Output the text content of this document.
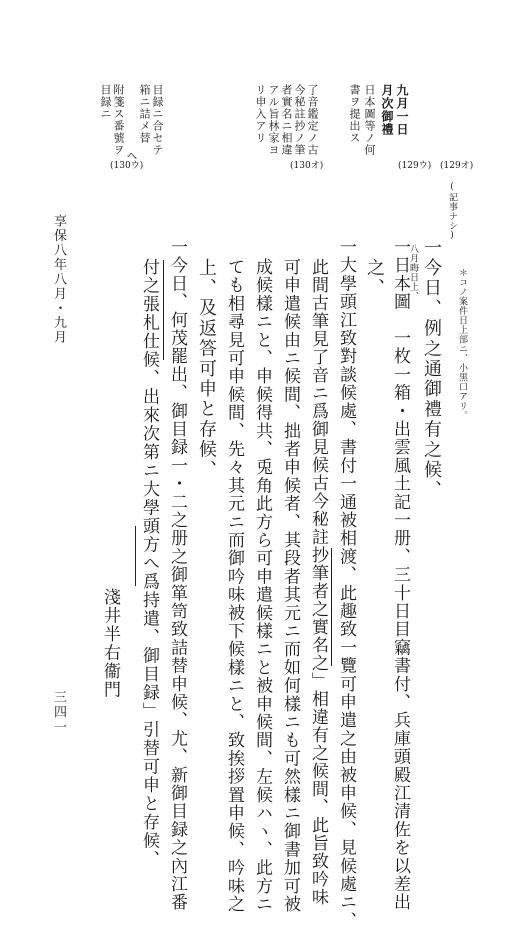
九月一日
月次御禮
日本圖等ノ何
書ヲ提出ス
了音鑑定ノ古
今秘註抄ノ筆
者實名ニ相違
アル旨林家ヨ
リ申入アリ
目録ニ合セテ
箱ニ詰メ替
ヘ
附箋ス番號ヲ
目録ニ
(130ウ)	(130オ)	(129ウ) (129オ)
(記事ナシ)
＊コノ案件日上部ニ、小黒口アリ。
一今日、例之通御禮有之候、
八月晦日上、
一日本圖　一枚一箱・出雲風土記一册、三十日目竊書付、兵庫頭殿江清佐を以差出
之、
一大學頭江致對談候處、書付一通被相渡、此趣致一覽可申遣之由被申候、見候處ニ、
此間古筆見了音ニ爲御見候古今秘註抄筆者之實名之」相違有之候間、此旨致吟味
可申遣候由ニ候間、拙者申候者、其段者其元ニ而如何樣ニも可然樣ニ御書加可被
成候樣ニと、申候得共、兎角此方ら可申遣候樣ニと被申候間、左候ハヽ、此方ニ
ても相尋見可申候間、先々其元ニ而御吟味被下候樣ニと、致挨拶置申候、吟味之
上、及返答可申と存候、
一今日、何茂罷出、御目録一・二之册之御箪笥致詰替申候、尤、新御目録之內江番
付之張札仕候、出來次第ニ大學頭方へ爲持遣、御目録」引替可申と存候、
淺井半右衞門
享保八年八月・九月
三四一
